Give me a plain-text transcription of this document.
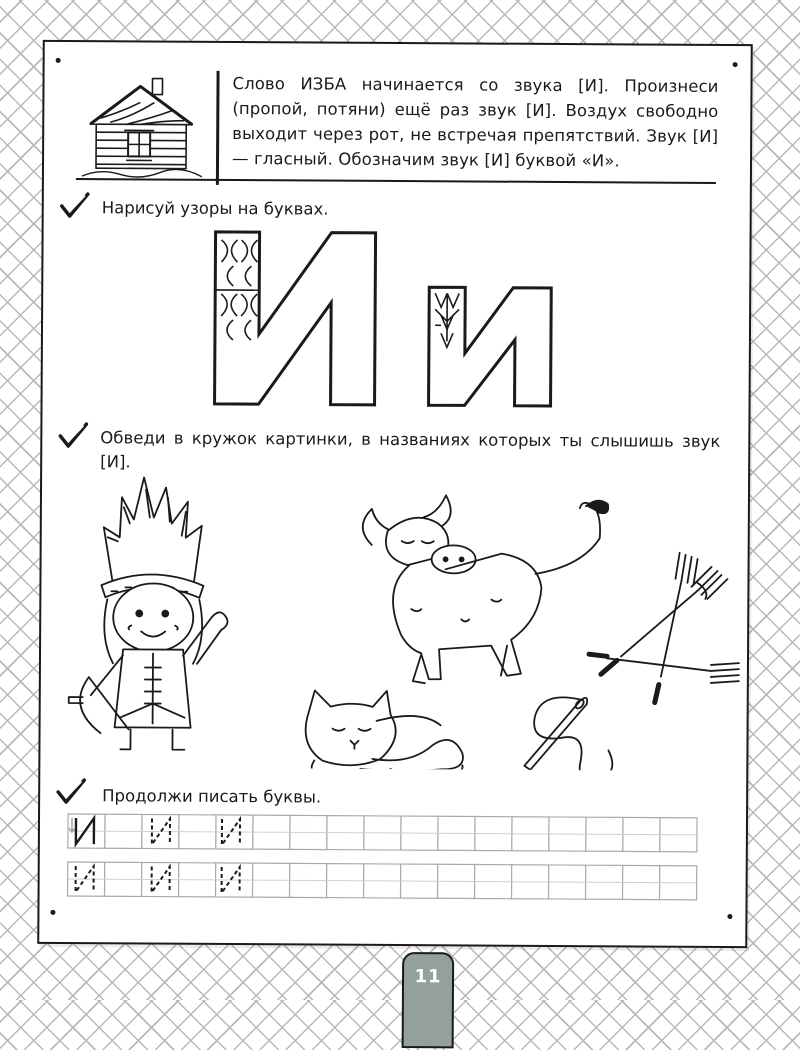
Слово ИЗБА начинается со звука [И]. Произнеси (пропой, потяни) ещё раз звук [И]. Воздух свободно выходит через рот, не встречая препятствий. Звук [И] — гласный. Обозначим звук [И] буквой «И».

Нарисуй узоры на буквах.

Обведи в кружок картинки, в названиях которых ты слышишь звук [И].

Продолжи писать буквы.

11
